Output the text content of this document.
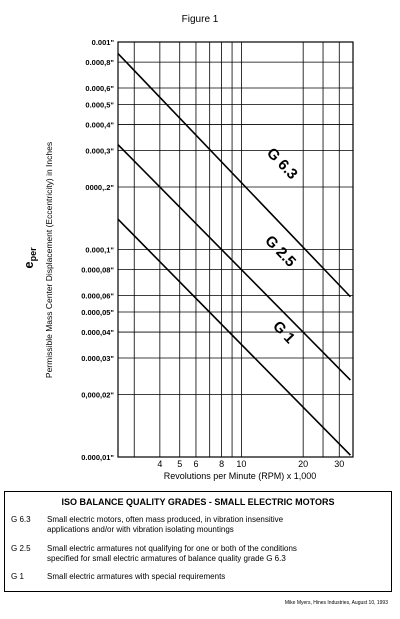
Figure 1
0.000,01"
0,000,02"
0.000,03"
0.000,04"
0.000,05"
0.000,06"
0.000,08"
0.000,1"
0000,.2"
0.000,3"
0.000,4"
0.000,5"
0.000,6"
0.000,8"
0.001"
4 5 6 8 10	20	30
G 6.3
G 2.5
G 1
Revolutions per Minute (RPM) x 1,000
Permissible Mass Center Displacement (Eccentricity) in Inches
$e_{per}$
ISO BALANCE QUALITY GRADES - SMALL ELECTRIC MOTORS
G 6.3	Small electric motors, often mass produced, in vibration insensitive
applications and/or with vibration isolating mountings
G 2.5	Small electric armatures not qualifying for one or both of the conditions
specified for small electric armatures of balance quality grade G 6.3
G 1	Small electric armatures with special requirements
Mike Myers, Hines Industries, August 10, 1993
